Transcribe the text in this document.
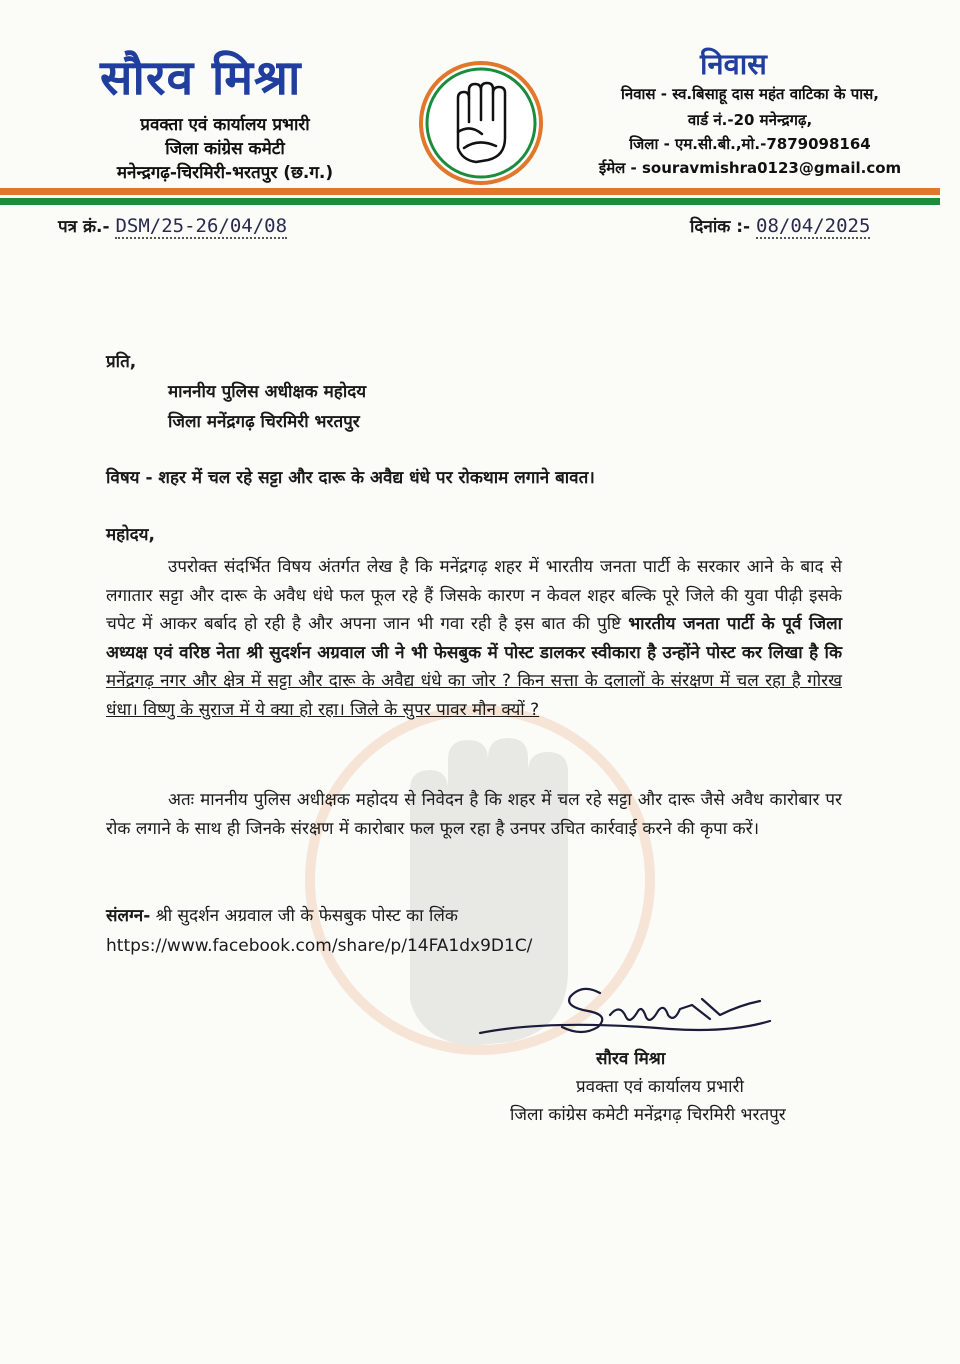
सौरव मिश्रा
प्रवक्ता एवं कार्यालय प्रभारी
जिला कांग्रेस कमेटी
मनेन्द्रगढ़-चिरमिरी-भरतपुर (छ.ग.)
निवास
निवास - स्व.बिसाहू दास महंत वाटिका के पास,
वार्ड नं.-20 मनेन्द्रगढ़,
जिला - एम.सी.बी.,मो.-7879098164
ईमेल - souravmishra0123@gmail.com
पत्र क्रं.- DSM/25-26/04/08	दिनांक :- 08/04/2025
प्रति,
माननीय पुलिस अधीक्षक महोदय
जिला मनेंद्रगढ़ चिरमिरी भरतपुर
विषय - शहर में चल रहे सट्टा और दारू के अवैद्य धंधे पर रोकथाम लगाने बावत।
महोदय,
उपरोक्त संदर्भित विषय अंतर्गत लेख है कि मनेंद्रगढ़ शहर में भारतीय जनता पार्टी के सरकार आने के बाद से लगातार सट्टा और दारू के अवैध धंधे फल फूल रहे हैं जिसके कारण न केवल शहर बल्कि पूरे जिले की युवा पीढ़ी इसके चपेट में आकर बर्बाद हो रही है और अपना जान भी गवा रही है इस बात की पुष्टि भारतीय जनता पार्टी के पूर्व जिला अध्यक्ष एवं वरिष्ठ नेता श्री सुदर्शन अग्रवाल जी ने भी फेसबुक में पोस्ट डालकर स्वीकारा है उन्होंने पोस्ट कर लिखा है कि मनेंद्रगढ़ नगर और क्षेत्र में सट्टा और दारू के अवैद्य धंधे का जोर ? किन सत्ता के दलालों के संरक्षण में चल रहा है गोरख धंधा। विष्णु के सुराज में ये क्या हो रहा। जिले के सुपर पावर मौन क्यों ?
अतः माननीय पुलिस अधीक्षक महोदय से निवेदन है कि शहर में चल रहे सट्टा और दारू जैसे अवैध कारोबार पर रोक लगाने के साथ ही जिनके संरक्षण में कारोबार फल फूल रहा है उनपर उचित कार्रवाई करने की कृपा करें।
संलग्न- श्री सुदर्शन अग्रवाल जी के फेसबुक पोस्ट का लिंक
https://www.facebook.com/share/p/14FA1dx9D1C/
सौरव मिश्रा
प्रवक्ता एवं कार्यालय प्रभारी
जिला कांग्रेस कमेटी मनेंद्रगढ़ चिरमिरी भरतपुर
